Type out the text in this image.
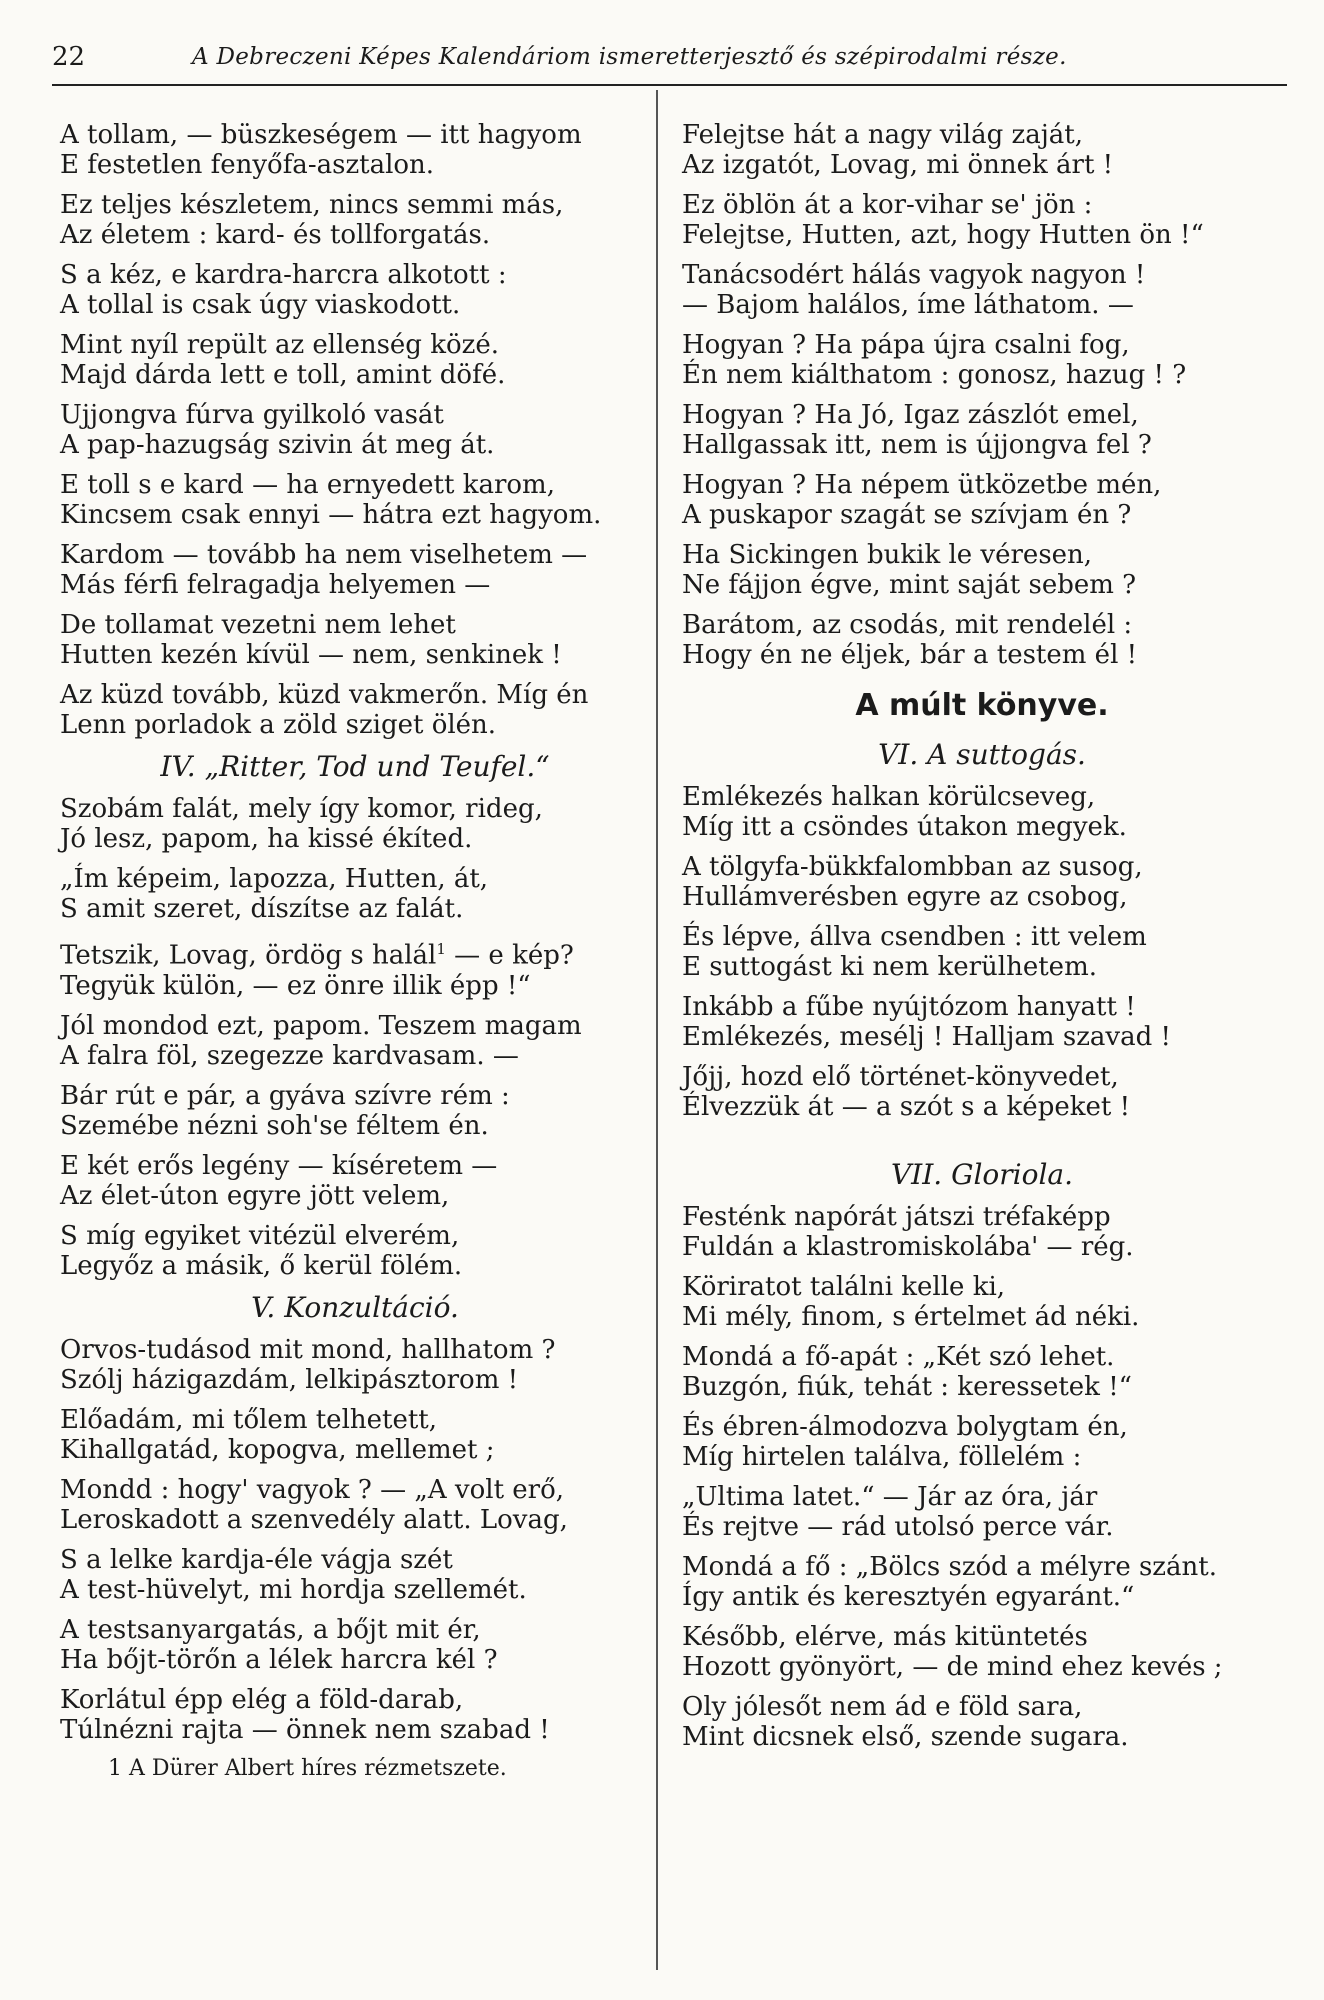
22	A Debreczeni Képes Kalendáriom ismeretterjesztő és szépirodalmi része.
A tollam, — büszkeségem — itt hagyom
E festetlen fenyőfa-asztalon.
Ez teljes készletem, nincs semmi más,
Az életem : kard- és tollforgatás.
S a kéz, e kardra-harcra alkotott :
A tollal is csak úgy viaskodott.
Mint nyíl repült az ellenség közé.
Majd dárda lett e toll, amint döfé.
Ujjongva fúrva gyilkoló vasát
A pap-hazugság szivin át meg át.
E toll s e kard — ha ernyedett karom,
Kincsem csak ennyi — hátra ezt hagyom.
Kardom — tovább ha nem viselhetem —
Más férfi felragadja helyemen —
De tollamat vezetni nem lehet
Hutten kezén kívül — nem, senkinek !
Az küzd tovább, küzd vakmerőn. Míg én
Lenn porladok a zöld sziget ölén.
IV. „Ritter, Tod und Teufel.“
Szobám falát, mely így komor, rideg,
Jó lesz, papom, ha kissé ékíted.
„Ím képeim, lapozza, Hutten, át,
S amit szeret, díszítse az falát.
Tetszik, Lovag, ördög s halál$^1$ — e kép?
Tegyük külön, — ez önre illik épp !“
Jól mondod ezt, papom. Teszem magam
A falra föl, szegezze kardvasam. —
Bár rút e pár, a gyáva szívre rém :
Szemébe nézni soh'se féltem én.
E két erős legény — kíséretem —
Az élet-úton egyre jött velem,
S míg egyiket vitézül elverém,
Legyőz a másik, ő kerül fölém.
V. Konzultáció.
Orvos-tudásod mit mond, hallhatom ?
Szólj házigazdám, lelkipásztorom !
Előadám, mi tőlem telhetett,
Kihallgatád, kopogva, mellemet ;
Mondd : hogy' vagyok ? — „A volt erő,
Leroskadott a szenvedély alatt. Lovag,
S a lelke kardja-éle vágja szét
A test-hüvelyt, mi hordja szellemét.
A testsanyargatás, a bőjt mit ér,
Ha bőjt-törőn a lélek harcra kél ?
Korlátul épp elég a föld-darab,
Túlnézni rajta — önnek nem szabad !
1 A Dürer Albert híres rézmetszete.
Felejtse hát a nagy világ zaját,
Az izgatót, Lovag, mi önnek árt !
Ez öblön át a kor-vihar se' jön :
Felejtse, Hutten, azt, hogy Hutten ön !“
Tanácsodért hálás vagyok nagyon !
— Bajom halálos, íme láthatom. —
Hogyan ? Ha pápa újra csalni fog,
Én nem kiálthatom : gonosz, hazug ! ?
Hogyan ? Ha Jó, Igaz zászlót emel,
Hallgassak itt, nem is újjongva fel ?
Hogyan ? Ha népem ütközetbe mén,
A puskapor szagát se szívjam én ?
Ha Sickingen bukik le véresen,
Ne fájjon égve, mint saját sebem ?
Barátom, az csodás, mit rendelél :
Hogy én ne éljek, bár a testem él !
A múlt könyve.
VI. A suttogás.
Emlékezés halkan körülcseveg,
Míg itt a csöndes útakon megyek.
A tölgyfa-bükkfalombban az susog,
Hullámverésben egyre az csobog,
És lépve, állva csendben : itt velem
E suttogást ki nem kerülhetem.
Inkább a fűbe nyújtózom hanyatt !
Emlékezés, mesélj ! Halljam szavad !
Jőjj, hozd elő történet-könyvedet,
Élvezzük át — a szót s a képeket !
VII. Gloriola.
Festénk napórát játszi tréfaképp
Fuldán a klastromiskolába' — rég.
Köriratot találni kelle ki,
Mi mély, finom, s értelmet ád néki.
Mondá a fő-apát : „Két szó lehet.
Buzgón, fiúk, tehát : keressetek !“
És ébren-álmodozva bolygtam én,
Míg hirtelen találva, föllelém :
„Ultima latet.“ — Jár az óra, jár
És rejtve — rád utolsó perce vár.
Mondá a fő : „Bölcs szód a mélyre szánt.
Így antik és keresztyén egyaránt.“
Később, elérve, más kitüntetés
Hozott gyönyört, — de mind ehez kevés ;
Oly jólesőt nem ád e föld sara,
Mint dicsnek első, szende sugara.
